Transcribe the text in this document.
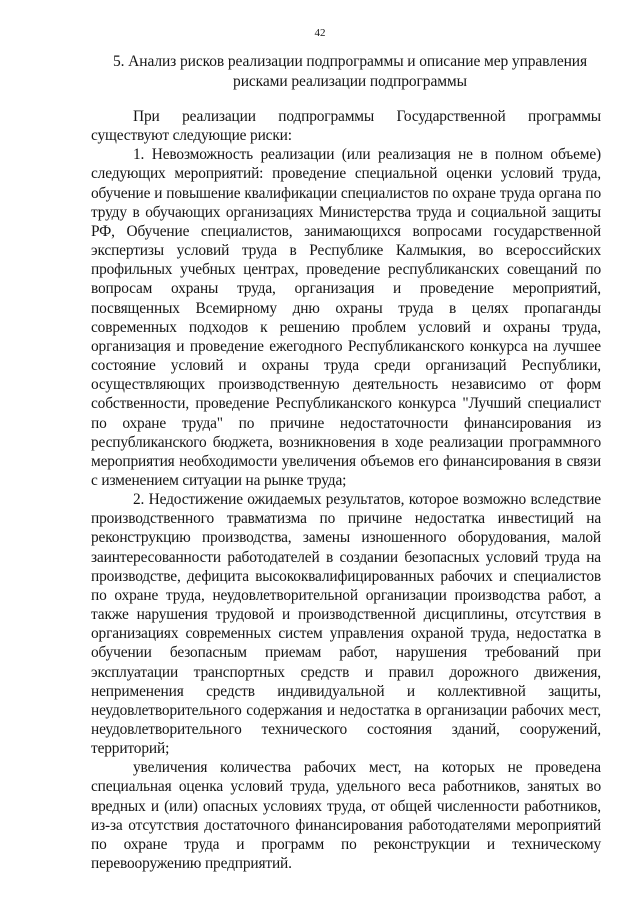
42
5. Анализ рисков реализации подпрограммы и описание мер управления рисками реализации подпрограммы

При реализации подпрограммы Государственной программы существуют следующие риски:

1. Невозможность реализации (или реализация не в полном объеме) следующих мероприятий: проведение специальной оценки условий труда, обучение и повышение квалификации специалистов по охране труда органа по труду в обучающих организациях Министерства труда и социальной защиты РФ, Обучение специалистов, занимающихся вопросами государственной экспертизы условий труда в Республике Калмыкия, во всероссийских профильных учебных центрах, проведение республиканских совещаний по вопросам охраны труда, организация и проведение мероприятий, посвященных Всемирному дню охраны труда в целях пропаганды современных подходов к решению проблем условий и охраны труда, организация и проведение ежегодного Республиканского конкурса на лучшее состояние условий и охраны труда среди организаций Республики, осуществляющих производственную деятельность независимо от форм собственности, проведение Республиканского конкурса "Лучший специалист по охране труда" по причине недостаточности финансирования из республиканского бюджета, возникновения в ходе реализации программного мероприятия необходимости увеличения объемов его финансирования в связи с изменением ситуации на рынке труда;

2. Недостижение ожидаемых результатов, которое возможно вследствие производственного травматизма по причине недостатка инвестиций на реконструкцию производства, замены изношенного оборудования, малой заинтересованности работодателей в создании безопасных условий труда на производстве, дефицита высококвалифицированных рабочих и специалистов по охране труда, неудовлетворительной организации производства работ, а также нарушения трудовой и производственной дисциплины, отсутствия в организациях современных систем управления охраной труда, недостатка в обучении безопасным приемам работ, нарушения требований при эксплуатации транспортных средств и правил дорожного движения, неприменения средств индивидуальной и коллективной защиты, неудовлетворительного содержания и недостатка в организации рабочих мест, неудовлетворительного технического состояния зданий, сооружений, территорий;

увеличения количества рабочих мест, на которых не проведена специальная оценка условий труда, удельного веса работников, занятых во вредных и (или) опасных условиях труда, от общей численности работников, из-за отсутствия достаточного финансирования работодателями мероприятий по охране труда и программ по реконструкции и техническому перевооружению предприятий.
